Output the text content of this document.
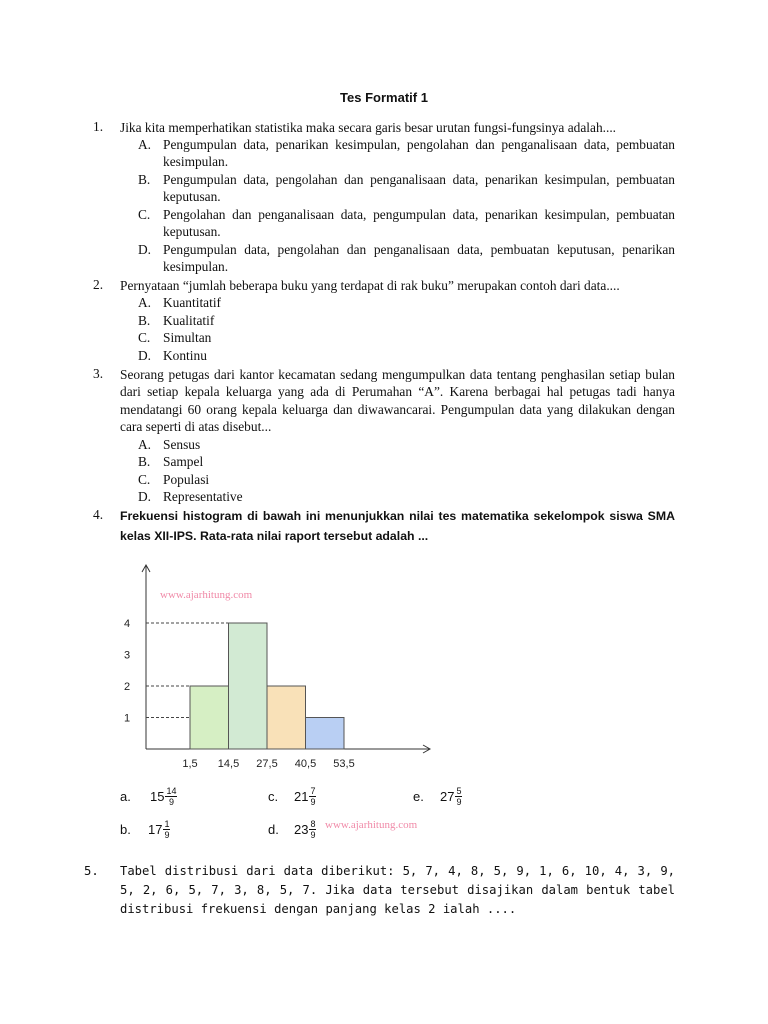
Tes Formatif 1
1. Jika kita memperhatikan statistika maka secara garis besar urutan fungsi-fungsinya adalah....
A. Pengumpulan data, penarikan kesimpulan, pengolahan dan penganalisaan data, pembuatan kesimpulan.
B. Pengumpulan data, pengolahan dan penganalisaan data, penarikan kesimpulan, pembuatan keputusan.
C. Pengolahan dan penganalisaan data, pengumpulan data, penarikan kesimpulan, pembuatan keputusan.
D. Pengumpulan data, pengolahan dan penganalisaan data, pembuatan keputusan, penarikan kesimpulan.
2. Pernyataan “jumlah beberapa buku yang terdapat di rak buku” merupakan contoh dari data....
A. Kuantitatif
B. Kualitatif
C. Simultan
D. Kontinu
3. Seorang petugas dari kantor kecamatan sedang mengumpulkan data tentang penghasilan setiap bulan dari setiap kepala keluarga yang ada di Perumahan “A”. Karena berbagai hal petugas tadi hanya mendatangi 60 orang kepala keluarga dan diwawancarai. Pengumpulan data yang dilakukan dengan cara seperti di atas disebut...
A. Sensus
B. Sampel
C. Populasi
D. Representative
4. Frekuensi histogram di bawah ini menunjukkan nilai tes matematika sekelompok siswa SMA kelas XII-IPS. Rata-rata nilai raport tersebut adalah ...
1
2
3
4
1,5 14,5 27,5 40,5 53,5
www.ajarhitung.com
a.	$15 \frac{14}{9}$	c.	$21 \frac{7}{9}$	e.	$27 \frac{5}{9}$
b.	$17 \frac{1}{9}$	d.	$23 \frac{8}{9}$ www.ajarhitung.com
5. Tabel distribusi dari data diberikut: 5, 7, 4, 8, 5, 9, 1, 6, 10, 4, 3, 9, 5, 2, 6, 5, 7, 3, 8, 5, 7. Jika data tersebut disajikan dalam bentuk tabel distribusi frekuensi dengan panjang kelas 2 ialah ....
